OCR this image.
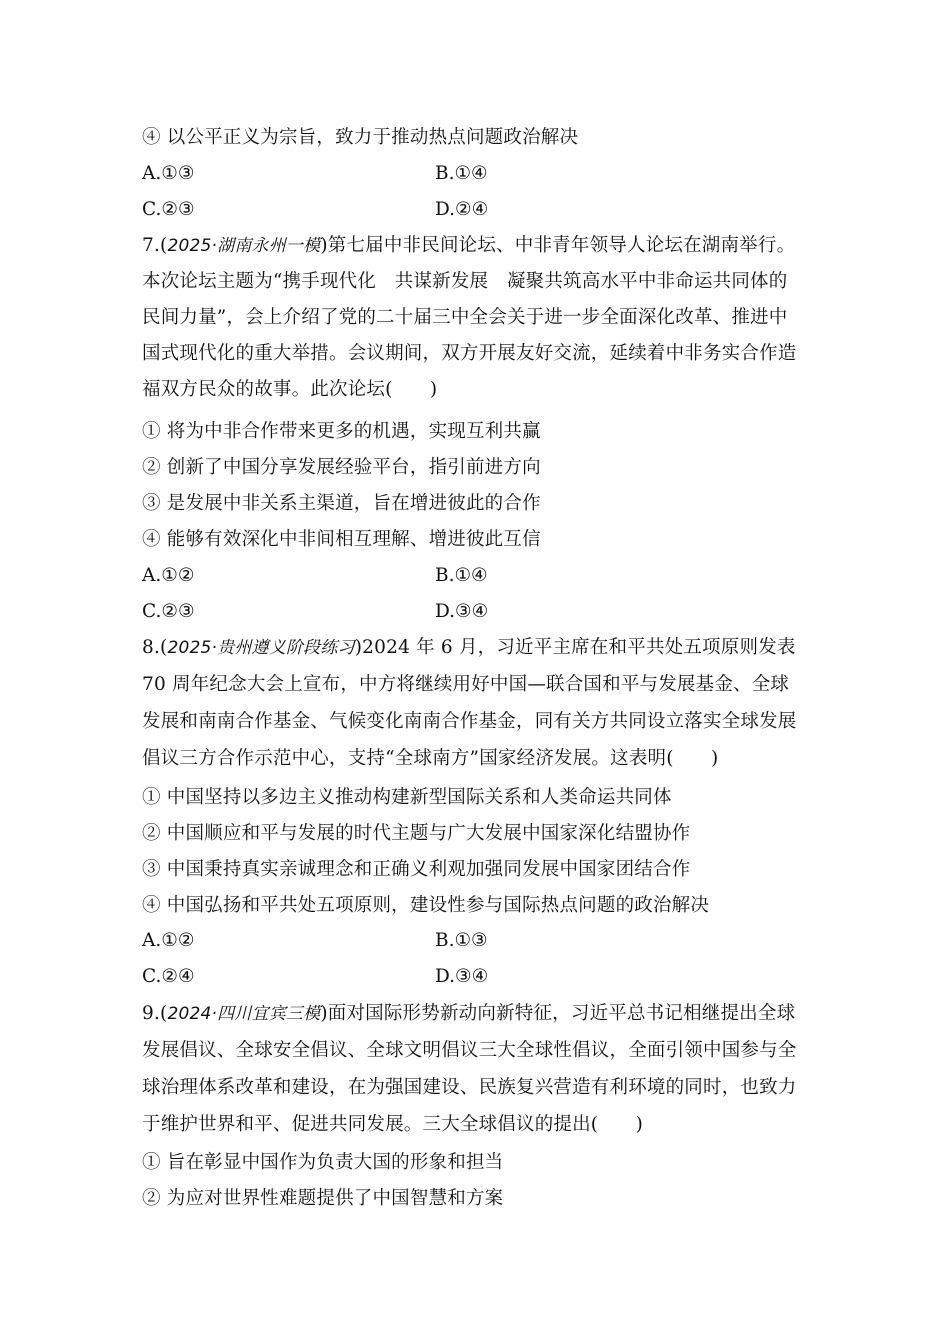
④ 以公平正义为宗旨，致力于推动热点问题政治解决
A.①③	B.①④
C.②③	D.②④
7.(2025·湖南永州一模)第七届中非民间论坛、中非青年领导人论坛在湖南举行。
本次论坛主题为“携手现代化　共谋新发展　凝聚共筑高水平中非命运共同体的
民间力量”，会上介绍了党的二十届三中全会关于进一步全面深化改革、推进中
国式现代化的重大举措。会议期间，双方开展友好交流，延续着中非务实合作造
福双方民众的故事。此次论坛(　　)
① 将为中非合作带来更多的机遇，实现互利共赢
② 创新了中国分享发展经验平台，指引前进方向
③ 是发展中非关系主渠道，旨在增进彼此的合作
④ 能够有效深化中非间相互理解、增进彼此互信
A.①②	B.①④
C.②③	D.③④
8.(2025·贵州遵义阶段练习)2024 年 6 月，习近平主席在和平共处五项原则发表
70 周年纪念大会上宣布，中方将继续用好中国—联合国和平与发展基金、全球
发展和南南合作基金、气候变化南南合作基金，同有关方共同设立落实全球发展
倡议三方合作示范中心，支持“全球南方”国家经济发展。这表明(　　)
① 中国坚持以多边主义推动构建新型国际关系和人类命运共同体
② 中国顺应和平与发展的时代主题与广大发展中国家深化结盟协作
③ 中国秉持真实亲诚理念和正确义利观加强同发展中国家团结合作
④ 中国弘扬和平共处五项原则，建设性参与国际热点问题的政治解决
A.①②	B.①③
C.②④	D.③④
9.(2024·四川宜宾三模)面对国际形势新动向新特征，习近平总书记相继提出全球
发展倡议、全球安全倡议、全球文明倡议三大全球性倡议，全面引领中国参与全
球治理体系改革和建设，在为强国建设、民族复兴营造有利环境的同时，也致力
于维护世界和平、促进共同发展。三大全球倡议的提出(　　)
① 旨在彰显中国作为负责大国的形象和担当
② 为应对世界性难题提供了中国智慧和方案
